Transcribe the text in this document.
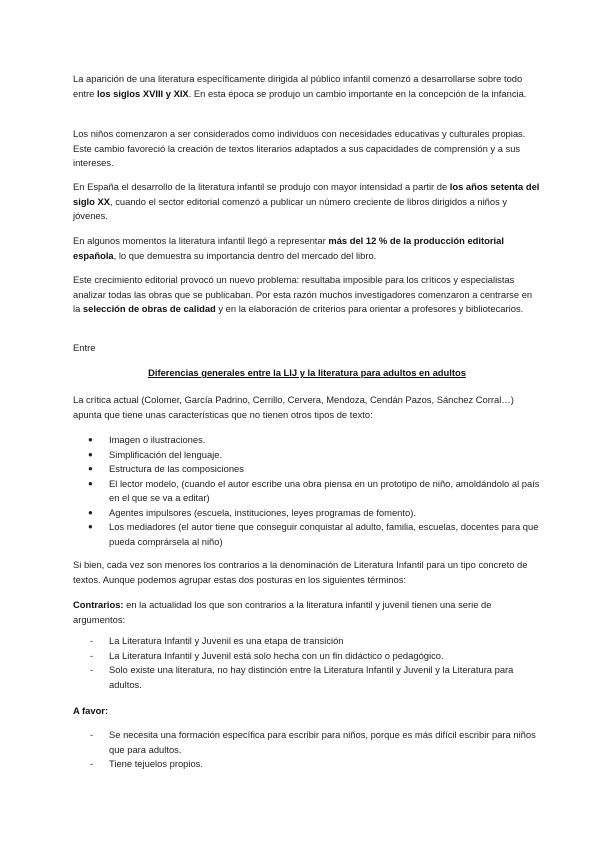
La aparición de una literatura específicamente dirigida al público infantil comenzó a desarrollarse sobre todo entre los siglos XVIII y XIX. En esta época se produjo un cambio importante en la concepción de la infancia.

Los niños comenzaron a ser considerados como individuos con necesidades educativas y culturales propias. Este cambio favoreció la creación de textos literarios adaptados a sus capacidades de comprensión y a sus intereses.

En España el desarrollo de la literatura infantil se produjo con mayor intensidad a partir de los años setenta del siglo XX, cuando el sector editorial comenzó a publicar un número creciente de libros dirigidos a niños y jóvenes.

En algunos momentos la literatura infantil llegó a representar más del 12 % de la producción editorial española, lo que demuestra su importancia dentro del mercado del libro.

Este crecimiento editorial provocó un nuevo problema: resultaba imposible para los críticos y especialistas analizar todas las obras que se publicaban. Por esta razón muchos investigadores comenzaron a centrarse en la selección de obras de calidad y en la elaboración de criterios para orientar a profesores y bibliotecarios.

Entre

Diferencias generales entre la LIJ y la literatura para adultos en adultos

La crítica actual (Colomer, García Padrino, Cerrillo, Cervera, Mendoza, Cendán Pazos, Sánchez Corral…) apunta que tiene unas características que no tienen otros tipos de texto:

● Imagen o ilustraciones.
● Simplificación del lenguaje.
● Estructura de las composiciones
● El lector modelo, (cuando el autor escribe una obra piensa en un prototipo de niño, amoldándolo al país en el que se va a editar)
● Agentes impulsores (escuela, instituciones, leyes programas de fomento).
● Los mediadores (el autor tiene que conseguir conquistar al adulto, familia, escuelas, docentes para que pueda comprársela al niño)

Si bien, cada vez son menores los contrarios a la denominación de Literatura Infantil para un tipo concreto de textos. Aunque podemos agrupar estas dos posturas en los siguientes términos:

Contrarios: en la actualidad los que son contrarios a la literatura infantil y juvenil tienen una serie de argumentos:

- La Literatura Infantil y Juvenil es una etapa de transición
- La Literatura Infantil y Juvenil está solo hecha con un fin didáctico o pedagógico.
- Solo existe una literatura, no hay distinción entre la Literatura Infantil y Juvenil y la Literatura para adultos.

A favor:

- Se necesita una formación específica para escribir para niños, porque es más difícil escribir para niños que para adultos.
- Tiene tejuelos propios.
